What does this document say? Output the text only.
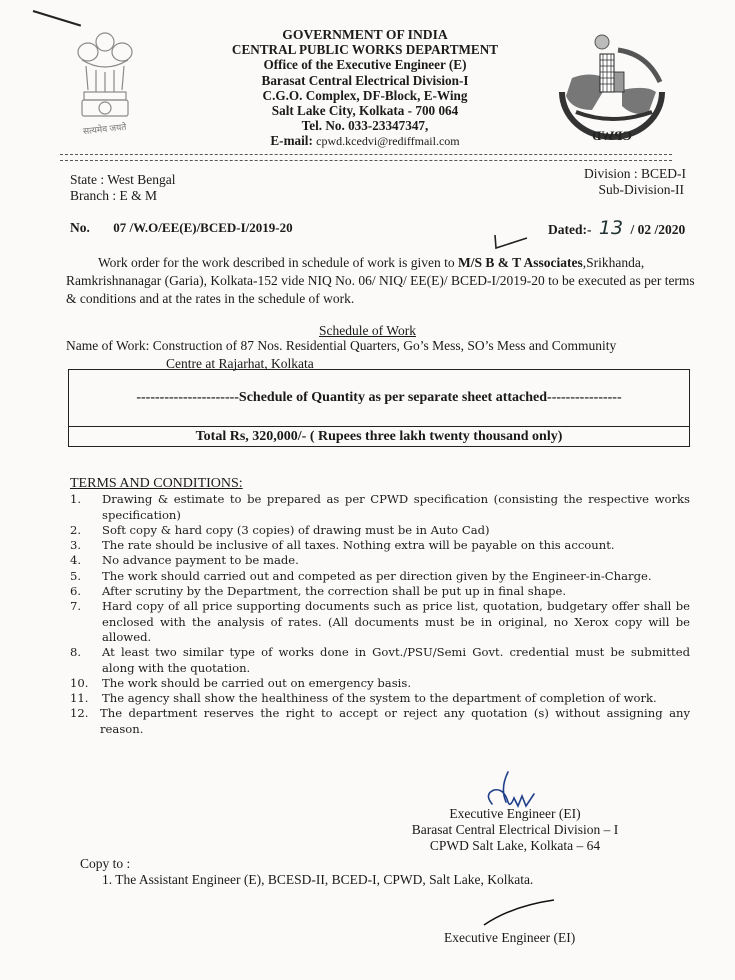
सत्यमेव जयते
GOVERNMENT OF INDIA
CENTRAL PUBLIC WORKS DEPARTMENT
Office of the Executive Engineer (E)
Barasat Central Electrical Division-I
C.G.O. Complex, DF-Block, E-Wing
Salt Lake City, Kolkata - 700 064
Tel. No. 033-23347347,
E-mail: cpwd.kcedvi@rediffmail.com	CPWD
State : West Bengal
Branch : E & M
Division : BCED-I
Sub-Division-II
No. 07 /W.O/EE(E)/BCED-I/2019-20	Dated:- 13 / 02 /2020
Work order for the work described in schedule of work is given to M/S B & T Associates,Srikhanda, Ramkrishnanagar (Garia), Kolkata-152 vide NIQ No. 06/ NIQ/ EE(E)/ BCED-I/2019-20 to be executed as per terms & conditions and at the rates in the schedule of work.
Schedule of Work
Name of Work: Construction of 87 Nos. Residential Quarters, Go’s Mess, SO’s Mess and Community
Centre at Rajarhat, Kolkata
----------------------Schedule of Quantity as per separate sheet attached----------------
Total Rs, 320,000/- ( Rupees three lakh twenty thousand only)
TERMS AND CONDITIONS:
1.	Drawing & estimate to be prepared as per CPWD specification (consisting the respective works specification)
2.	Soft copy & hard copy (3 copies) of drawing must be in Auto Cad)
3.	The rate should be inclusive of all taxes. Nothing extra will be payable on this account.
4.	No advance payment to be made.
5.	The work should carried out and competed as per direction given by the Engineer-in-Charge.
6.	After scrutiny by the Department, the correction shall be put up in final shape.
7.	Hard copy of all price supporting documents such as price list, quotation, budgetary offer shall be enclosed with the analysis of rates. (All documents must be in original, no Xerox copy will be allowed.
8.	At least two similar type of works done in Govt./PSU/Semi Govt. credential must be submitted along with the quotation.
10.	The work should be carried out on emergency basis.
11.	The agency shall show the healthiness of the system to the department of completion of work.
12. The department reserves the right to accept or reject any quotation (s) without assigning any reason.
Executive Engineer (EI)
Barasat Central Electrical Division – I
CPWD Salt Lake, Kolkata – 64
Copy to :
1. The Assistant Engineer (E), BCESD-II, BCED-I, CPWD, Salt Lake, Kolkata.
Executive Engineer (EI)
